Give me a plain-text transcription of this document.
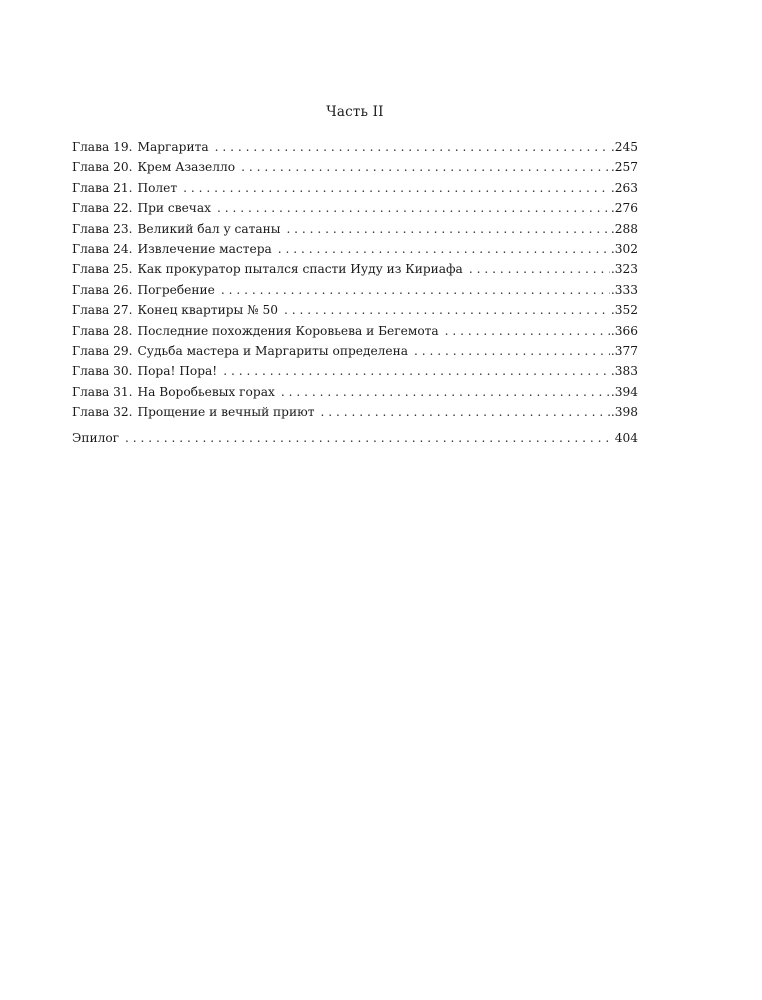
Часть II
Глава 19. Маргарита . . .	.245
Глава 20. Крем Азазелло . . .	.257
Глава 21. Полет . . .	.263
Глава 22. При свечах . . .	.276
Глава 23. Великий бал у сатаны . . .	.288
Глава 24. Извлечение мастера . . .	.302
Глава 25. Как прокуратор пытался спасти Иуду из Кириафа . . .	.323
Глава 26. Погребение . . .	.333
Глава 27. Конец квартиры № 50 . . .	.352
Глава 28. Последние похождения Коровьева и Бегемота . . .	.366
Глава 29. Судьба мастера и Маргариты определена . . .	.377
Глава 30. Пора! Пора! . . .	.383
Глава 31. На Воробьевых горах . . .	.394
Глава 32. Прощение и вечный приют . . .	.398
Эпилог . . .	404
